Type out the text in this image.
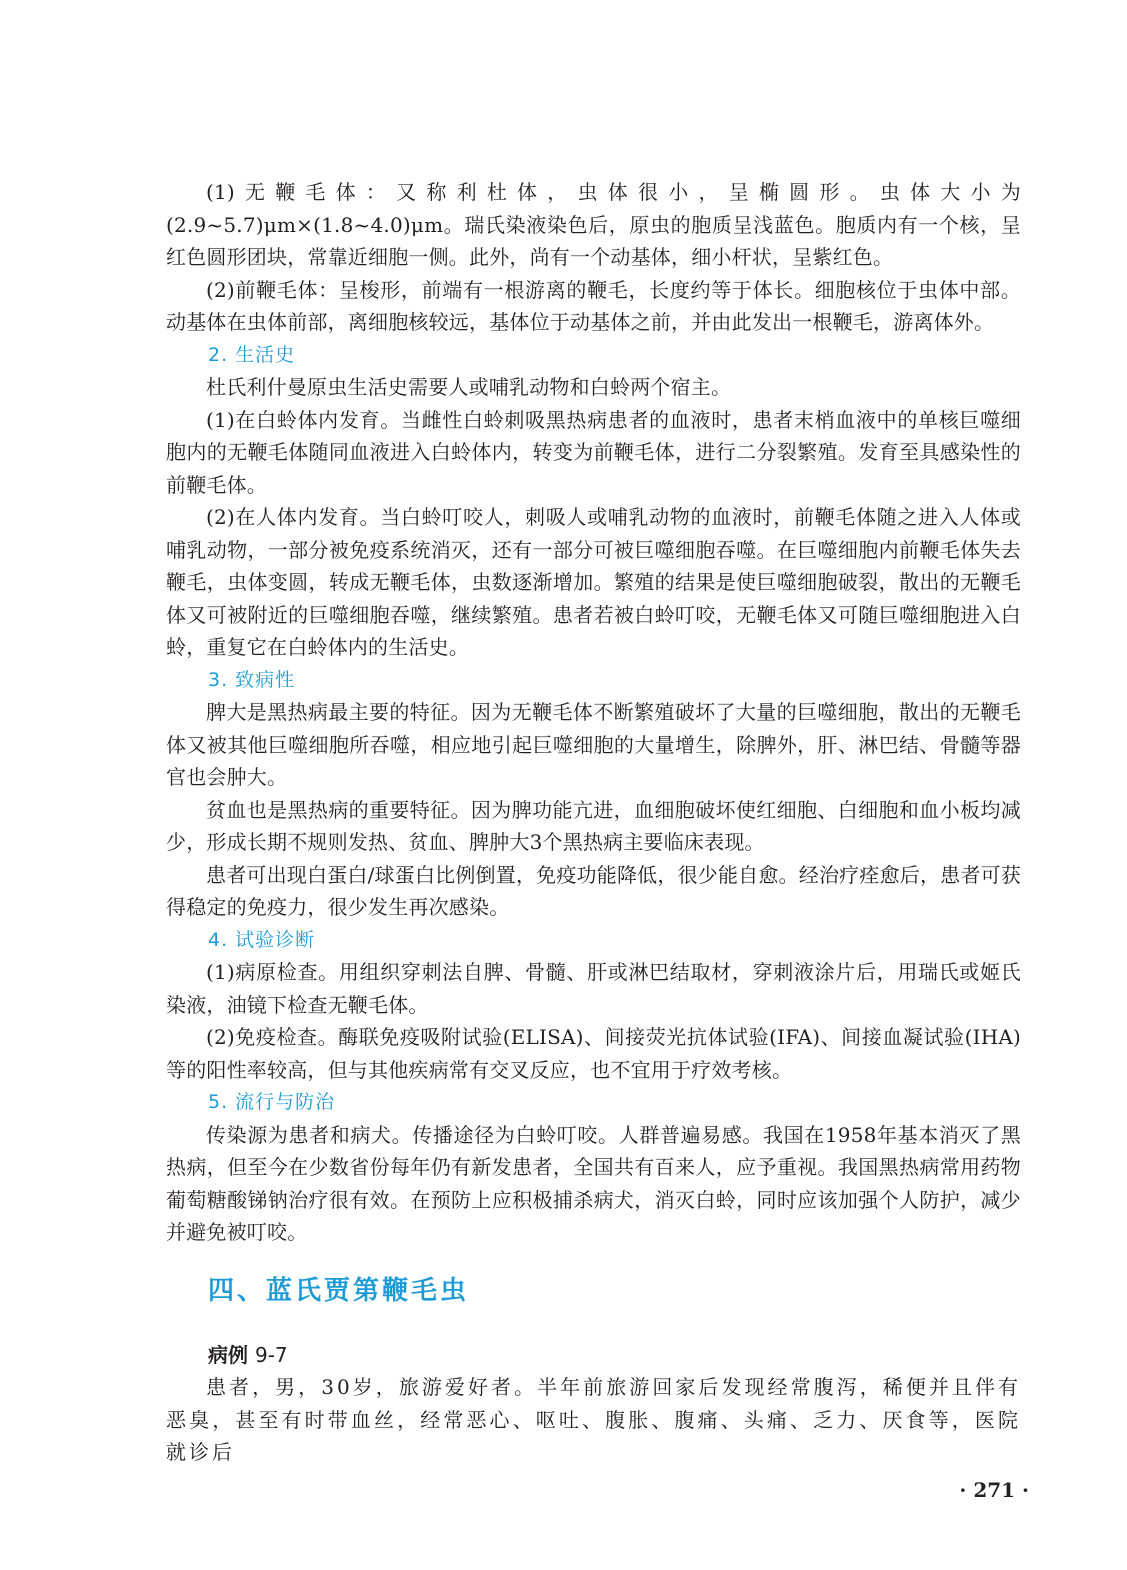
(1)无鞭毛体：又称利杜体，虫体很小，呈椭圆形。虫体大小为(2.9~5.7)μm×(1.8~4.0)μm。瑞氏染液染色后，原虫的胞质呈浅蓝色。胞质内有一个核，呈红色圆形团块，常靠近细胞一侧。此外，尚有一个动基体，细小杆状，呈紫红色。

(2)前鞭毛体：呈梭形，前端有一根游离的鞭毛，长度约等于体长。细胞核位于虫体中部。动基体在虫体前部，离细胞核较远，基体位于动基体之前，并由此发出一根鞭毛，游离体外。

2. 生活史

杜氏利什曼原虫生活史需要人或哺乳动物和白蛉两个宿主。

(1)在白蛉体内发育。当雌性白蛉刺吸黑热病患者的血液时，患者末梢血液中的单核巨噬细胞内的无鞭毛体随同血液进入白蛉体内，转变为前鞭毛体，进行二分裂繁殖。发育至具感染性的前鞭毛体。

(2)在人体内发育。当白蛉叮咬人，刺吸人或哺乳动物的血液时，前鞭毛体随之进入人体或哺乳动物，一部分被免疫系统消灭，还有一部分可被巨噬细胞吞噬。在巨噬细胞内前鞭毛体失去鞭毛，虫体变圆，转成无鞭毛体，虫数逐渐增加。繁殖的结果是使巨噬细胞破裂，散出的无鞭毛体又可被附近的巨噬细胞吞噬，继续繁殖。患者若被白蛉叮咬，无鞭毛体又可随巨噬细胞进入白蛉，重复它在白蛉体内的生活史。

3. 致病性

脾大是黑热病最主要的特征。因为无鞭毛体不断繁殖破坏了大量的巨噬细胞，散出的无鞭毛体又被其他巨噬细胞所吞噬，相应地引起巨噬细胞的大量增生，除脾外，肝、淋巴结、骨髓等器官也会肿大。

贫血也是黑热病的重要特征。因为脾功能亢进，血细胞破坏使红细胞、白细胞和血小板均减少，形成长期不规则发热、贫血、脾肿大3个黑热病主要临床表现。

患者可出现白蛋白/球蛋白比例倒置，免疫功能降低，很少能自愈。经治疗痊愈后，患者可获得稳定的免疫力，很少发生再次感染。

4. 试验诊断

(1)病原检查。用组织穿刺法自脾、骨髓、肝或淋巴结取材，穿刺液涂片后，用瑞氏或姬氏染液，油镜下检查无鞭毛体。

(2)免疫检查。酶联免疫吸附试验(ELISA)、间接荧光抗体试验(IFA)、间接血凝试验(IHA)等的阳性率较高，但与其他疾病常有交叉反应，也不宜用于疗效考核。

5. 流行与防治

传染源为患者和病犬。传播途径为白蛉叮咬。人群普遍易感。我国在1958年基本消灭了黑热病，但至今在少数省份每年仍有新发患者，全国共有百来人，应予重视。我国黑热病常用药物葡萄糖酸锑钠治疗很有效。在预防上应积极捕杀病犬，消灭白蛉，同时应该加强个人防护，减少并避免被叮咬。

四、蓝氏贾第鞭毛虫

病例 9-7

患者，男，30岁，旅游爱好者。半年前旅游回家后发现经常腹泻，稀便并且伴有恶臭，甚至有时带血丝，经常恶心、呕吐、腹胀、腹痛、头痛、乏力、厌食等，医院就诊后

· 271 ·
